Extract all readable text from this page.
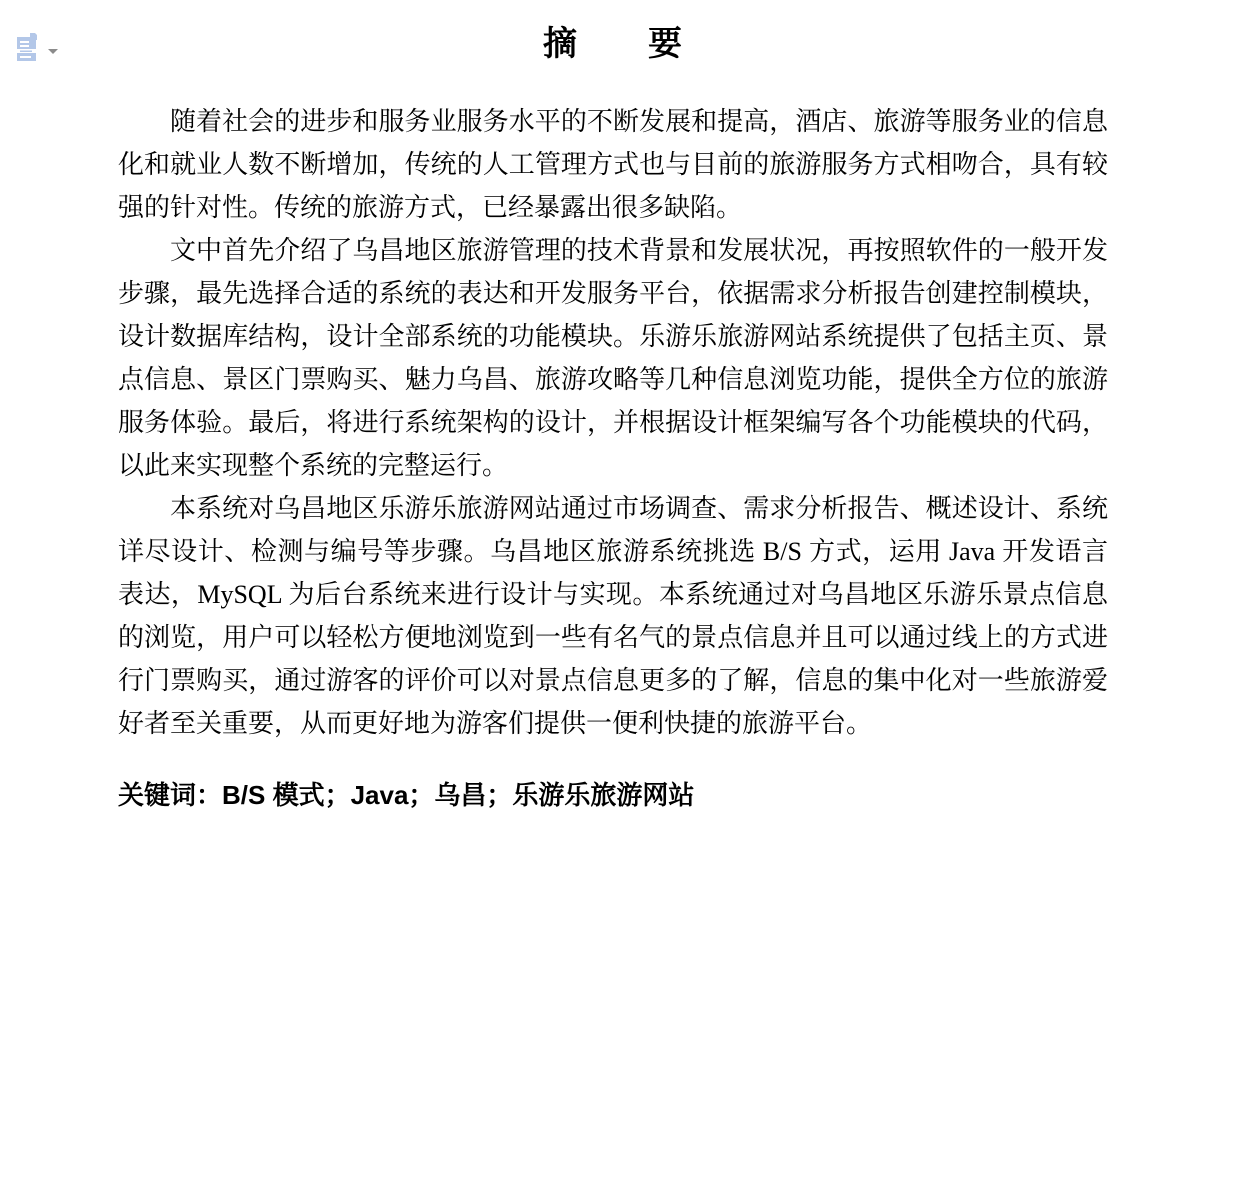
摘　　要

随着社会的进步和服务业服务水平的不断发展和提高，酒店、旅游等服务业的信息化和就业人数不断增加，传统的人工管理方式也与目前的旅游服务方式相吻合，具有较强的针对性。传统的旅游方式，已经暴露出很多缺陷。

文中首先介绍了乌昌地区旅游管理的技术背景和发展状况，再按照软件的一般开发步骤，最先选择合适的系统的表达和开发服务平台，依据需求分析报告创建控制模块，设计数据库结构，设计全部系统的功能模块。乐游乐旅游网站系统提供了包括主页、景点信息、景区门票购买、魅力乌昌、旅游攻略等几种信息浏览功能，提供全方位的旅游服务体验。最后，将进行系统架构的设计，并根据设计框架编写各个功能模块的代码，以此来实现整个系统的完整运行。

本系统对乌昌地区乐游乐旅游网站通过市场调查、需求分析报告、概述设计、系统详尽设计、检测与编号等步骤。乌昌地区旅游系统挑选 B/S 方式，运用 Java 开发语言表达，MySQL 为后台系统来进行设计与实现。本系统通过对乌昌地区乐游乐景点信息的浏览，用户可以轻松方便地浏览到一些有名气的景点信息并且可以通过线上的方式进行门票购买，通过游客的评价可以对景点信息更多的了解，信息的集中化对一些旅游爱好者至关重要，从而更好地为游客们提供一便利快捷的旅游平台。

关键词：B/S 模式；Java；乌昌；乐游乐旅游网站
